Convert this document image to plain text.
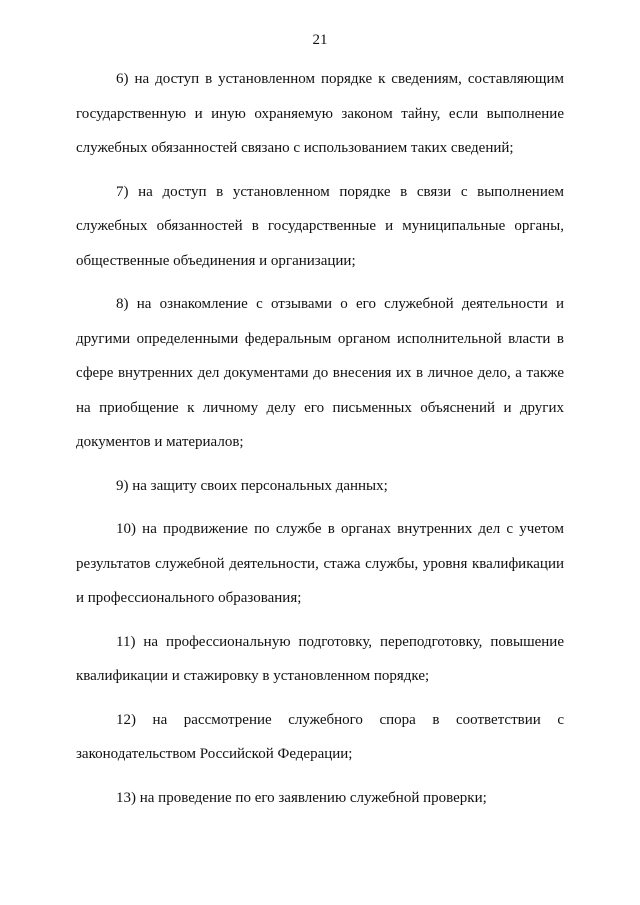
21

6) на доступ в установленном порядке к сведениям, составляющим государственную и иную охраняемую законом тайну, если выполнение служебных обязанностей связано с использованием таких сведений;

7) на доступ в установленном порядке в связи с выполнением служебных обязанностей в государственные и муниципальные органы, общественные объединения и организации;

8) на ознакомление с отзывами о его служебной деятельности и другими определенными федеральным органом исполнительной власти в сфере внутренних дел документами до внесения их в личное дело, а также на приобщение к личному делу его письменных объяснений и других документов и материалов;

9) на защиту своих персональных данных;

10) на продвижение по службе в органах внутренних дел с учетом результатов служебной деятельности, стажа службы, уровня квалификации и профессионального образования;

11) на профессиональную подготовку, переподготовку, повышение квалификации и стажировку в установленном порядке;

12) на рассмотрение служебного спора в соответствии с законодательством Российской Федерации;

13) на проведение по его заявлению служебной проверки;
